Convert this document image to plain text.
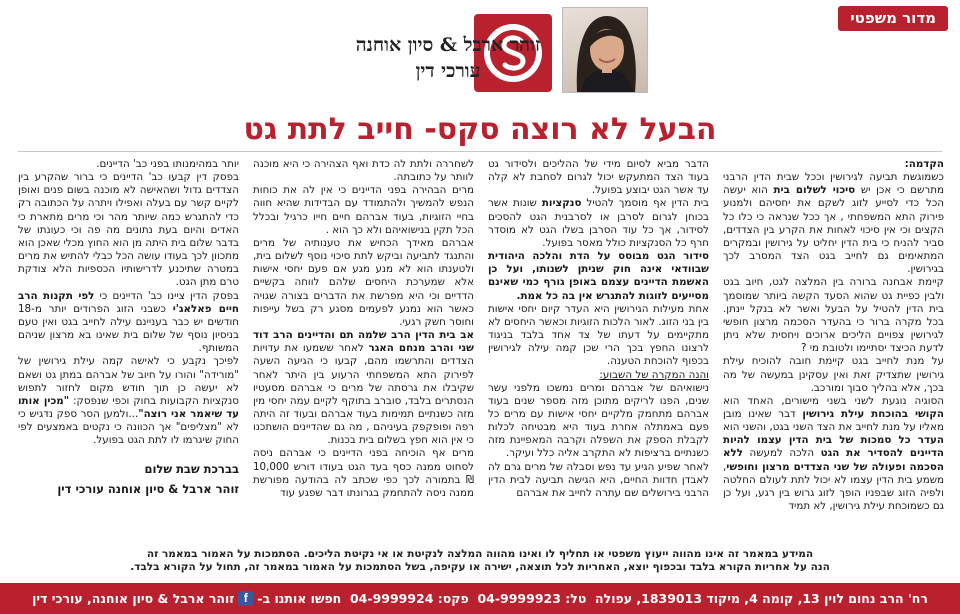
מדור משפטי
זוהר ארבל & סיון אוחנה
עורכי דין
הבעל לא רוצה סקס- חייב לתת גט

הקדמה:

כשמוגשת תביעה לגירושין וככל שבית הדין הרבני מתרשם כי אכן יש סיכוי לשלום בית הוא יעשה הכל כדי לסייע לזוג לשקם את יחסיהם ולמנוע פירוק התא המשפחתי , אך ככל שנראה כי כלו כל הקצים וכי אין סיכוי לאחות את הקרע בין הצדדים, סביר להניח כי בית הדין יחליט על גירושין ובמקרים המתאימים גם לחייב בגט הצד המסרב לכך בגירושין.

קיימת אבחנה ברורה בין המלצה לגט, חיוב בגט ולבין כפיית גט שהוא הסעד הקשה ביותר שמוסמך בית הדין להטיל על הבעל ואשר לא בנקל יינתן. בכל מקרה ברור כי בהעדר הסכמה מרצון חופשי לגירושין צפויים הליכים ארוכים ויחסית שלא ניתן לדעת הכיצד יסתיימו ולטובת מי ?

על מנת לחייב בגט קיימת חובה להוכיח עילת גירושין שתצדיק זאת ואין עסקינן במעשה של מה בכך, אלא בהליך סבוך ומורכב.

הסוגיה נוגעת לשני בשני מישורים, האחד הוא הקושי בהוכחת עילת גירושין דבר שאינו מובן מאליו על מנת לחייב את הצד השני בגט, והשני הוא העדר כל סמכות של בית הדין עצמו להיות הדיינים להסדיר את הגט הלכה למעשה ללא הסכמה ופעולה של שני הצדדים מרצון וחופשי, משמע בית הדין עצמו לא יכול לתת לעולם החלטה ולפיה הזוג שבפניו הופך לזוג גרוש בין רגע, ועל כן גם כשמוכחת עילת גירושין, לא תמיד

הדבר מביא לסיום מידי של ההליכים ולסידור גט בעוד הצד המתעקש יכול לגרום לסחבת לא קלה עד אשר הגט יבוצע בפועל.

בית הדין אף מוסמך להטיל סנקציות שונות אשר בכוחן לגרום לסרבן או לסרבנית הגט להסכים לסידור, אך כל עוד הסרבן בשלו הגט לא מוסדר חרף כל הסנקציות כולל מאסר בפועל.

סידור הגט מבוסס על הדת והלכה היהודית שבוודאי אינה חוק שניתן לשנותו, ועל כן האשמת הדיינים עצמם באופן גורף כמי שאינם מסייעים לזוגות להתגרש אין בה כל אמת.

אחת מעילות הגירושין היא העדר קיום יחסי אישות בין בני הזוג. לאור הלכות הזוגיות וכאשר היחסים לא מתקיימים על דעתו של צד אחד בלבד בניגוד לרצונו החפץ בכך הרי שכן קמה עילה לגירושין בכפוף להוכחת הטענה.

והנה המקרה של השבוע:

נישואיהם של אברהם ומרים נמשכו מלפני עשר שנים, הפנו לריקים מתוכן מזה מספר שנים בעוד אברהם מתחמק מלקיים יחסי אישות עם מרים כל פעם באמתלה אחרת בעוד היא מבטיחה לכלות לקבלת הספק את השפלה וקרבה המאפיינת מזה כשנתיים ברציפות לא התקרב אליה כלל ועיקר.

לאחר שפיע הגיע עד נפש וסבלה של מרים גרם לה לאבדן חדוות החיים, היא הגישה תביעה לבית הדין הרבני בירושלים שם עתרה לחייב את אברהם

לשחררה ולתת לה כדת ואף הצהירה כי היא מוכנה לוותר על כתובתה.

מרים הבהירה בפני הדיינים כי אין לה את כוחות הנפש להמשיך ולהתמודד עם הבדידות שהיא חווה בחיי הזוגיות, בעוד אברהם חיים חייו כרגיל ובכלל הכל תקין בנישואיהם ולא כך הוא .

אברהם מאידך הכחיש את טענותיה של מרים והתנגד לתביעה וביקש לתת סיכוי נוסף לשלום בית, ולטענתו הוא לא מנע מגע אם פעם יחסי אישות אלא שמערכת היחסים שלהם לווחה בקשיים הדדיים וכי היא מפרשת את הדברים בצורה שגויה כאשר הוא נמנע לפעמים מסגע רק בשל עייפות וחוסר חשק רגעי.

אב בית הדין הרב שלמה תם והדיינים הרב דוד שני והרב מנחם האגר לאחר ששמעו את עדויות הצדדים והתרשמו מהם, קבעו כי הגיעה השעה לפירוק התא המשפחתי הרעוע בין היתר לאחר שקיבלו את גרסתה של מרים כי אברהם מסעטיו הנסתרים בלבד, סוברב בתוקף לקיים עמה יחסי מין מזה כשנתיים תמימות בעוד אברהם ובעוד זה היתה רפה ופופקפק בעיניהם , מה גם שהדיינים הושתכנו כי אין הוא חפץ בשלום בית בכנות.

מרים אף הוכיחה בפני הדיינים כי אברהם ניסה לסחוט ממנה כסף בעד הגט בעודו דורש 10,000 ₪ בתמורה לכך כפי שכתב לה בהודעה מפורשת ממנה ניסה להתחמק בגרונתו דבר שפגע עוד

יותר במהימנותו בפני כב' הדיינים.

בפסק דין קבעו כב' הדיינים כי ברור שהקרע בין הצדדים גדול ושהאישה לא מוכנה בשום פנים ואופן לקיים קשר עם בעלה ואפילו ויתרה על הכתובה רק כדי להתגרש כמה שיותר מהר וכי מרים מתארת כי האדים והיום בעת נתונים מה פה וכי כעונתו של בדבר שלום בית היתה מן הוא החוץ מכלי שאכן הוא מתכוון לכך בעודו עושה הכל כבלי להתיש את מרים במטרה שתיכנע לדרישותיו הכספיות הלא צודקת טרם מתן הגט.

בפסק הדין ציינו כב' הדיינים כי לפי תקנות הרב חיים פאלאג'י כשבני הזוג הפרודים יותר מ-18 חודשים יש כבר בעניינם עילה לחייב בגט ואין טעם בניסיון נוסף של שלום בית שאינו בא מרצון שניהם המשותף.

לפיכך נקבע כי לאישה קמה עילת גירושין של "מורידה" והורו על חיוב של אברהם במתן גט ושאם לא יעשה כן תוך חודש מקום לחזור לתפוש סנקציות הקבועות בחוק וכפי שנפסק: "מכין אותו עד שיאמר אני רוצה"...ולמען הסר ספק נדגיש כי לא "מצליפים" אך הכוונה כי נקטים באמצעים לפי החוק שיגרמו לו לתת הגט בפועל.

בברכת שבת שלום
זוהר ארבל & סיון אוחנה עורכי דין
המידע במאמר זה אינו מהווה ייעוץ משפטי או תחליף לו ואינו מהווה המלצה לנקיטת או אי נקיטת הליכים. הסתמכות על האמור במאמר זה
הנה על אחריות הקורא בלבד ובכפוף יוצא, האחריות לכל תוצאה, ישירה או עקיפה, בשל הסתמכות על האמור במאמר זה, תחול על הקורא בלבד.
רח' הרב נחום לוין 13, קומה 4, מיקוד 1839013, עפולה

טל: 04-9999923

פקס: 04-9999924

חפשו אותנו ב-
f
זוהר ארבל & סיון אוחנה, עורכי דין
